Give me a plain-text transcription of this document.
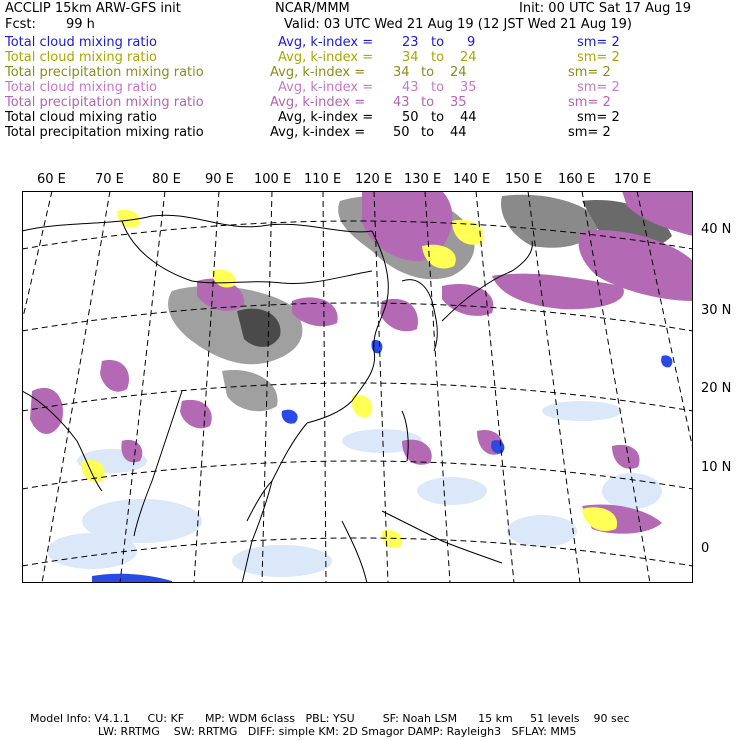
ACCLIP 15km ARW-GFS init	NCAR/MMM	Init: 00 UTC Sat 17 Aug 19
Fcst: 99 h	Valid: 03 UTC Wed 21 Aug 19 (12 JST Wed 21 Aug 19)
Total cloud mixing ratio	Avg, k-index = 23 to 9	sm= 2
Total cloud mixing ratio	Avg, k-index = 34 to 24	sm= 2
Total precipitation mixing ratio	Avg, k-index = 34 to 24	sm= 2
Total cloud mixing ratio	Avg, k-index = 43 to 35	sm= 2
Total precipitation mixing ratio	Avg, k-index = 43 to 35	sm= 2
Total cloud mixing ratio	Avg, k-index = 50 to 44	sm= 2
Total precipitation mixing ratio	Avg, k-index = 50 to 44	sm= 2
60 E 70 E 80 E 90 E 100 E 110 E 120 E 130 E 140 E 150 E 160 E 170 E
40 N
30 N
20 N
10 N
0
Model Info: V4.1.1     CU: KF      MP: WDM 6class   PBL: YSU        SF: Noah LSM      15 km     51 levels    90 sec
LW: RRTMG    SW: RRTMG   DIFF: simple KM: 2D Smagor DAMP: Rayleigh3   SFLAY: MM5
